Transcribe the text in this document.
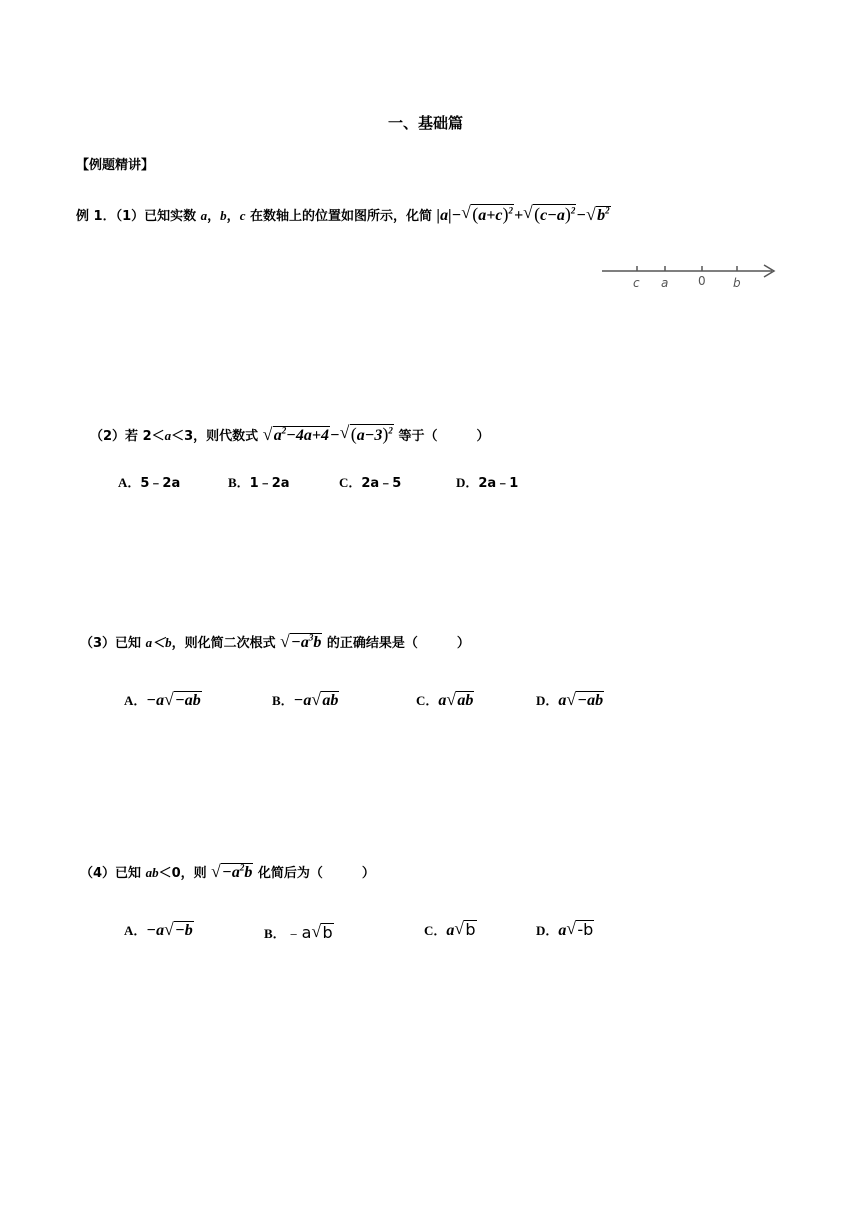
一、基础篇
【例题精讲】
例 1．（1）已知实数 a，b，c 在数轴上的位置如图所示，化简 |a|− √ $(a+c)^2+$ √ $(c-a)^2-$ √ $b^2$
c a 0 b
（2）若 2＜a＜3，则代数式 √ $a^2-4a+4-$ √ $(a-3)^2$ 等于（　　　）
A．5﹣2a	B．1﹣2a	C．2a﹣5	D．2a﹣1
（3）已知 a＜b，则化简二次根式 √ $-a^3b$ 的正确结果是（　　　）
A．−a √ −ab	B．−a √ ab	C．a √ ab	D．a √ −ab
（4）已知 ab＜0，则 √ $-a^2b$ 化简后为（　　　）
A．−a √ −b	B．﹣a √ b	C．a √ b	D．a √ -b
